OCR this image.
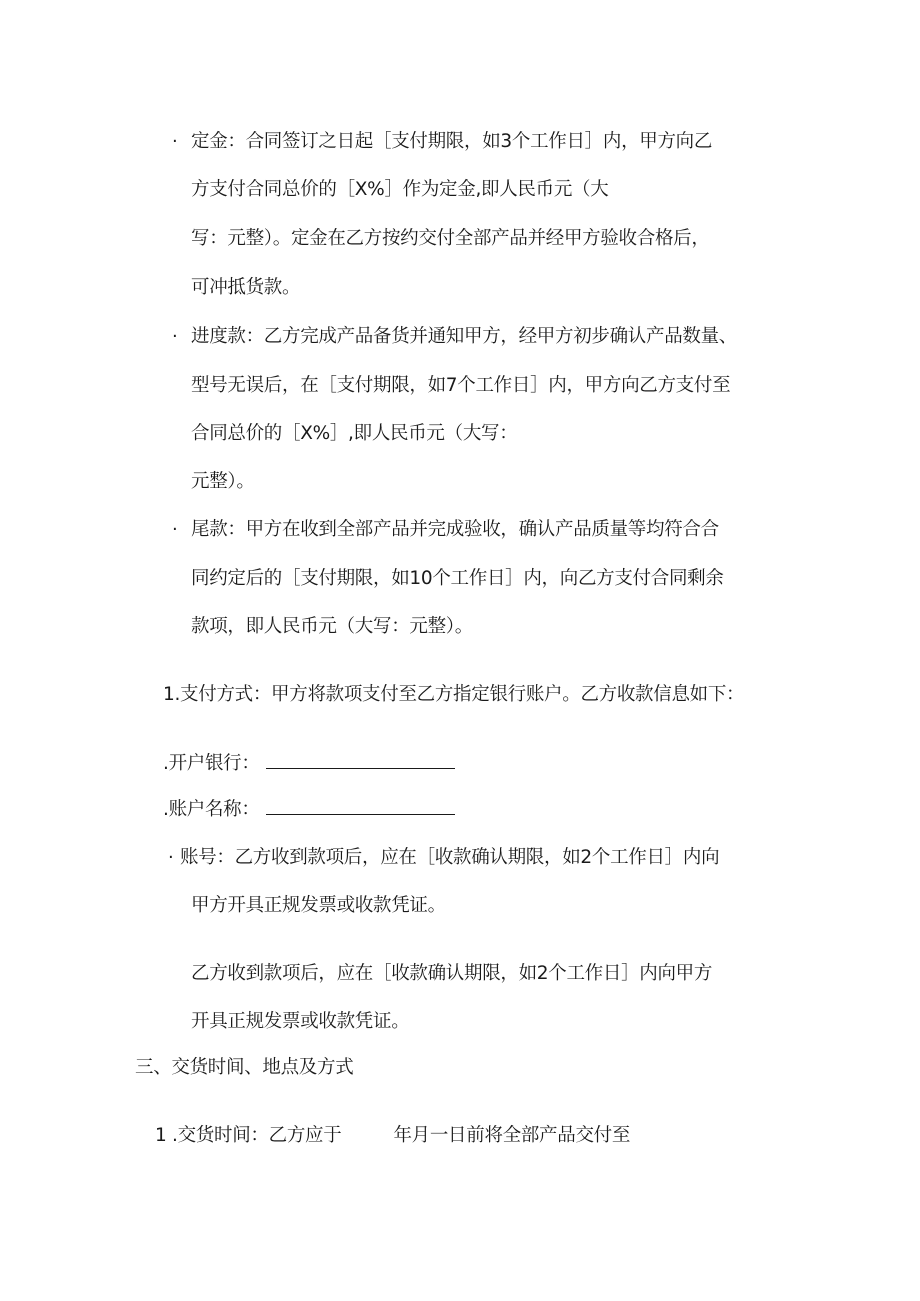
· 定金：合同签订之日起［支付期限，如3个工作日］内，甲方向乙
方支付合同总价的［X%］作为定金,即人民币元（大
写：元整）。定金在乙方按约交付全部产品并经甲方验收合格后，
可冲抵货款。
· 进度款：乙方完成产品备货并通知甲方，经甲方初步确认产品数量、
型号无误后，在［支付期限，如7个工作日］内，甲方向乙方支付至
合同总价的［X%］,即人民币元（大写：
元整）。
· 尾款：甲方在收到全部产品并完成验收，确认产品质量等均符合合
同约定后的［支付期限，如10个工作日］内，向乙方支付合同剩余
款项，即人民币元（大写：元整）。
1.支付方式：甲方将款项支付至乙方指定银行账户。乙方收款信息如下：
.开户银行：
.账户名称：
· 账号：乙方收到款项后，应在［收款确认期限，如2个工作日］内向
甲方开具正规发票或收款凭证。
乙方收到款项后，应在［收款确认期限，如2个工作日］内向甲方
开具正规发票或收款凭证。
三、交货时间、地点及方式
1 .交货时间：乙方应于	年月一日前将全部产品交付至
